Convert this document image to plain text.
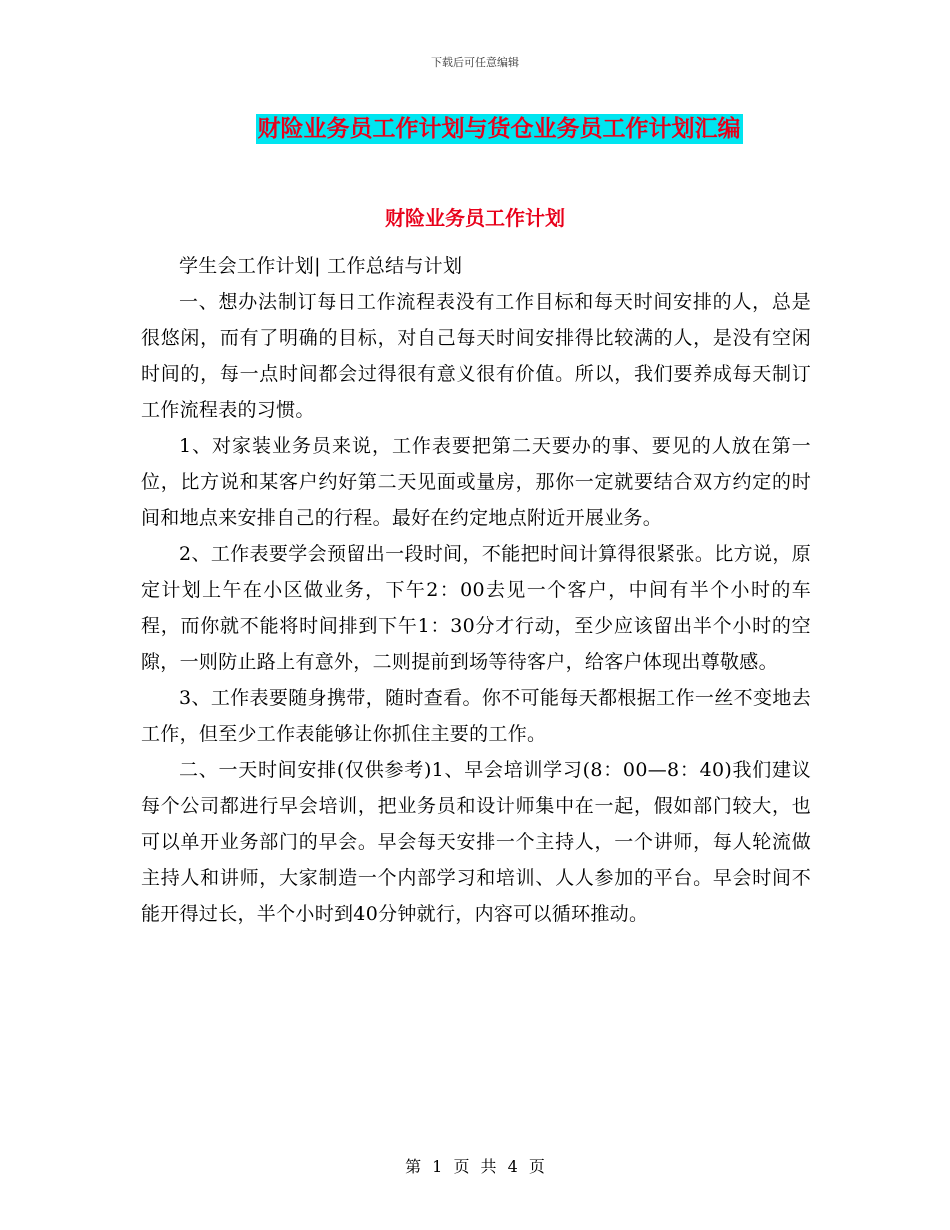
下载后可任意编辑
财险业务员工作计划与货仓业务员工作计划汇编
财险业务员工作计划

学生会工作计划| 工作总结与计划

一、想办法制订每日工作流程表没有工作目标和每天时间安排的人，总是很悠闲，而有了明确的目标，对自己每天时间安排得比较满的人，是没有空闲时间的，每一点时间都会过得很有意义很有价值。所以，我们要养成每天制订工作流程表的习惯。

1、对家装业务员来说，工作表要把第二天要办的事、要见的人放在第一位，比方说和某客户约好第二天见面或量房，那你一定就要结合双方约定的时间和地点来安排自己的行程。最好在约定地点附近开展业务。

2、工作表要学会预留出一段时间，不能把时间计算得很紧张。比方说，原定计划上午在小区做业务，下午2：00去见一个客户，中间有半个小时的车程，而你就不能将时间排到下午1：30分才行动，至少应该留出半个小时的空隙，一则防止路上有意外，二则提前到场等待客户，给客户体现出尊敬感。

3、工作表要随身携带，随时查看。你不可能每天都根据工作一丝不变地去工作，但至少工作表能够让你抓住主要的工作。

二、一天时间安排(仅供参考)1、早会培训学习(8：00—8：40)我们建议每个公司都进行早会培训，把业务员和设计师集中在一起，假如部门较大，也可以单开业务部门的早会。早会每天安排一个主持人，一个讲师，每人轮流做主持人和讲师，大家制造一个内部学习和培训、人人参加的平台。早会时间不能开得过长，半个小时到40分钟就行，内容可以循环推动。

第 1 页 共 4 页
